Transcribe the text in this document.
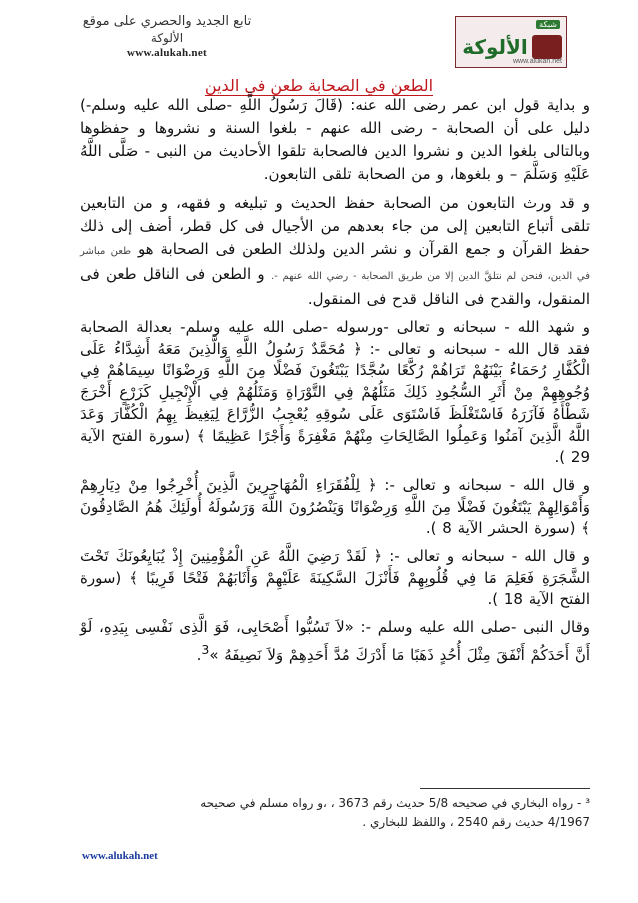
تابع الجديد والحصري على موقع
الألوكة
www.alukah.net
شبكة
الألوكة
www.alukah.net
الطعن في الصحابة طعن في الدين

و بداية قول ابن عمر رضى الله عنه: (قَالَ رَسُولُ اللَّهِ -صلى الله عليه وسلم-) دليل على أن الصحابة - رضى الله عنهم - بلغوا السنة و نشروها و حفظوها وبالتالى بلغوا الدين و نشروا الدين فالصحابة تلقوا الأحاديث من النبى - صَلَّى اللَّهُ عَلَيْهِ وَسَلَّمَ – و بلغوها، و من الصحابة تلقى التابعون.

و قد ورث التابعون من الصحابة حفظ الحديث و تبليغه و فقهه، و من التابعين تلقى أتباع التابعين إلى من جاء بعدهم من الأجيال فى كل قطر، أضف إلى ذلك حفظ القرآن و جمع القرآن و نشر الدين ولذلك الطعن فى الصحابة هو طعن مباشر في الدين، فنحن لم نتلقَّ الدين إلا من طريق الصحابة - رضي الله عنهم -. و الطعن فى الناقل طعن فى المنقول، والقدح فى الناقل قدح فى المنقول.

و شهد الله - سبحانه و تعالى -ورسوله -صلى الله عليه وسلم- بعدالة الصحابة فقد قال الله - سبحانه و تعالى -: ﴿ مُحَمَّدٌ رَسُولُ اللَّهِ وَالَّذِينَ مَعَهُ أَشِدَّاءُ عَلَى الْكُفَّارِ رُحَمَاءُ بَيْنَهُمْ تَرَاهُمْ رُكَّعًا سُجَّدًا يَبْتَغُونَ فَضْلًا مِنَ اللَّهِ وَرِضْوَانًا سِيمَاهُمْ فِي وُجُوهِهِمْ مِنْ أَثَرِ السُّجُودِ ذَلِكَ مَثَلُهُمْ فِي التَّوْرَاةِ وَمَثَلُهُمْ فِي الْإِنْجِيلِ كَزَرْعٍ أَخْرَجَ شَطْأَهُ فَآزَرَهُ فَاسْتَغْلَظَ فَاسْتَوَى عَلَى سُوقِهِ يُعْجِبُ الزُّرَّاعَ لِيَغِيظَ بِهِمُ الْكُفَّارَ وَعَدَ اللَّهُ الَّذِينَ آمَنُوا وَعَمِلُوا الصَّالِحَاتِ مِنْهُمْ مَغْفِرَةً وَأَجْرًا عَظِيمًا ﴾ (سورة الفتح الآية 29 ).

و قال الله - سبحانه و تعالى -: ﴿ لِلْفُقَرَاءِ الْمُهَاجِرِينَ الَّذِينَ أُخْرِجُوا مِنْ دِيَارِهِمْ وَأَمْوَالِهِمْ يَبْتَغُونَ فَضْلًا مِنَ اللَّهِ وَرِضْوَانًا وَيَنْصُرُونَ اللَّهَ وَرَسُولَهُ أُولَئِكَ هُمُ الصَّادِقُونَ ﴾ (سورة الحشر الآية 8 ).

و قال الله - سبحانه و تعالى -: ﴿ لَقَدْ رَضِيَ اللَّهُ عَنِ الْمُؤْمِنِينَ إِذْ يُبَايِعُونَكَ تَحْتَ الشَّجَرَةِ فَعَلِمَ مَا فِي قُلُوبِهِمْ فَأَنْزَلَ السَّكِينَةَ عَلَيْهِمْ وَأَثَابَهُمْ فَتْحًا قَرِيبًا ﴾ (سورة الفتح الآية 18 ).

وقال النبى -صلى الله عليه وسلم -: «لاَ تَسُبُّوا أَصْحَابِى، فَوَ الَّذِى نَفْسِى بِيَدِهِ، لَوْ أَنَّ أَحَدَكُمْ أَنْفَقَ مِثْلَ أُحُدٍ ذَهَبًا مَا أَدْرَكَ مُدَّ أَحَدِهِمْ وَلاَ نَصِيفَهُ »$^3$.

³ - رواه البخاري في صحيحه 5/8 حديث رقم 3673 ، ،و رواه مسلم في صحيحه
4/1967 حديث رقم 2540 ، واللفظ للبخاري .
www.alukah.net
